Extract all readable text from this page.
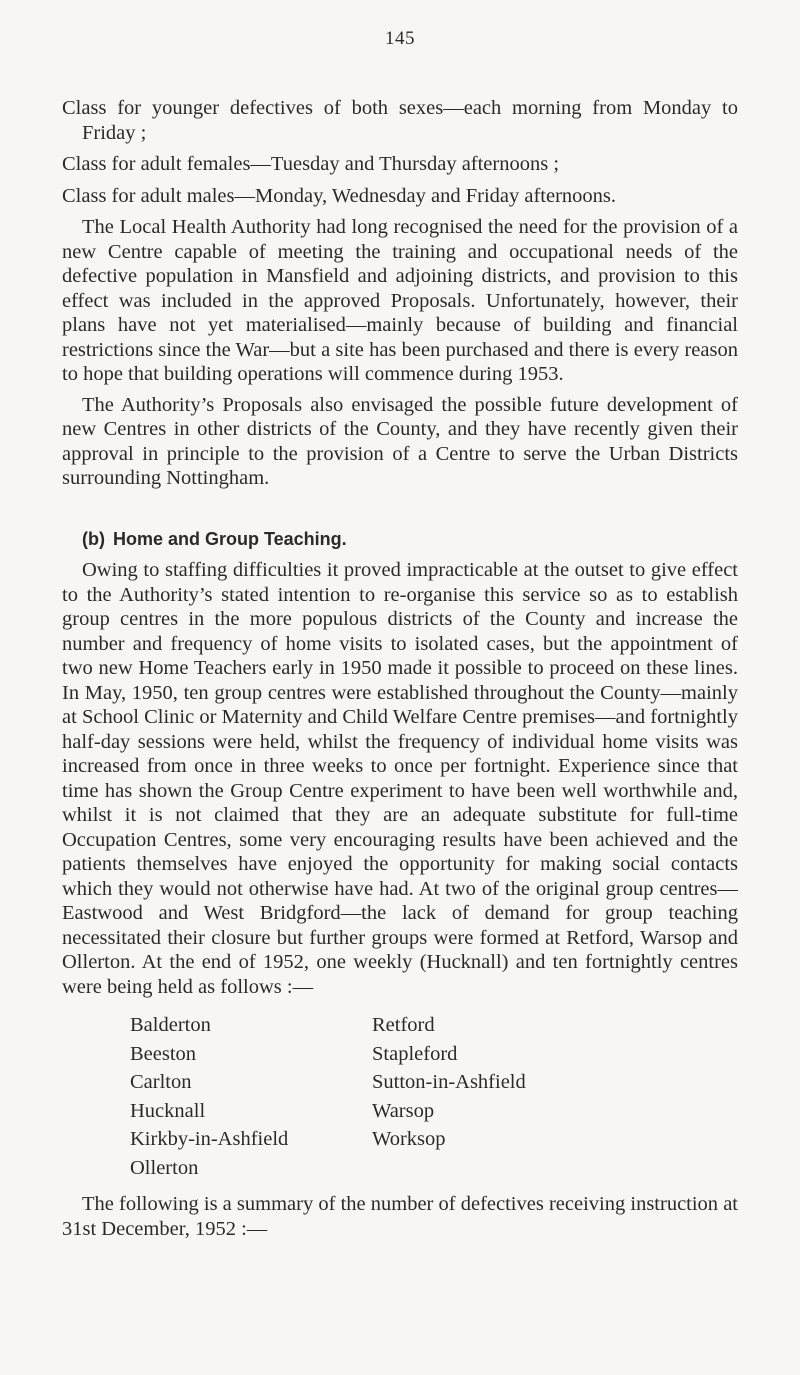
145

Class for younger defectives of both sexes—each morning from Monday to Friday ;

Class for adult females—Tuesday and Thursday afternoons ;

Class for adult males—Monday, Wednesday and Friday afternoons.

The Local Health Authority had long recognised the need for the provision of a new Centre capable of meeting the training and occupational needs of the defective population in Mansfield and adjoining districts, and provision to this effect was included in the approved Proposals. Unfortunately, however, their plans have not yet materialised—mainly because of building and financial restrictions since the War—but a site has been purchased and there is every reason to hope that building operations will commence during 1953.

The Authority’s Proposals also envisaged the possible future development of new Centres in other districts of the County, and they have recently given their approval in principle to the provision of a Centre to serve the Urban Districts surrounding Nottingham.

(b) Home and Group Teaching.

Owing to staffing difficulties it proved impracticable at the outset to give effect to the Authority’s stated intention to re-organise this service so as to establish group centres in the more populous districts of the County and increase the number and frequency of home visits to isolated cases, but the appointment of two new Home Teachers early in 1950 made it possible to proceed on these lines. In May, 1950, ten group centres were established throughout the County—mainly at School Clinic or Maternity and Child Welfare Centre premises—and fortnightly half-day sessions were held, whilst the frequency of individual home visits was increased from once in three weeks to once per fortnight. Experience since that time has shown the Group Centre experiment to have been well worthwhile and, whilst it is not claimed that they are an adequate substitute for full-time Occupation Centres, some very encouraging results have been achieved and the patients themselves have enjoyed the opportunity for making social contacts which they would not otherwise have had. At two of the original group centres—Eastwood and West Bridgford—the lack of demand for group teaching necessitated their closure but further groups were formed at Retford, Warsop and Ollerton. At the end of 1952, one weekly (Hucknall) and ten fortnightly centres were being held as follows :—

Balderton
Beeston
Carlton
Hucknall
Kirkby-in-Ashfield
Ollerton
Retford
Stapleford
Sutton-in-Ashfield
Warsop
Worksop

The following is a summary of the number of defectives receiving instruction at 31st December, 1952 :—
